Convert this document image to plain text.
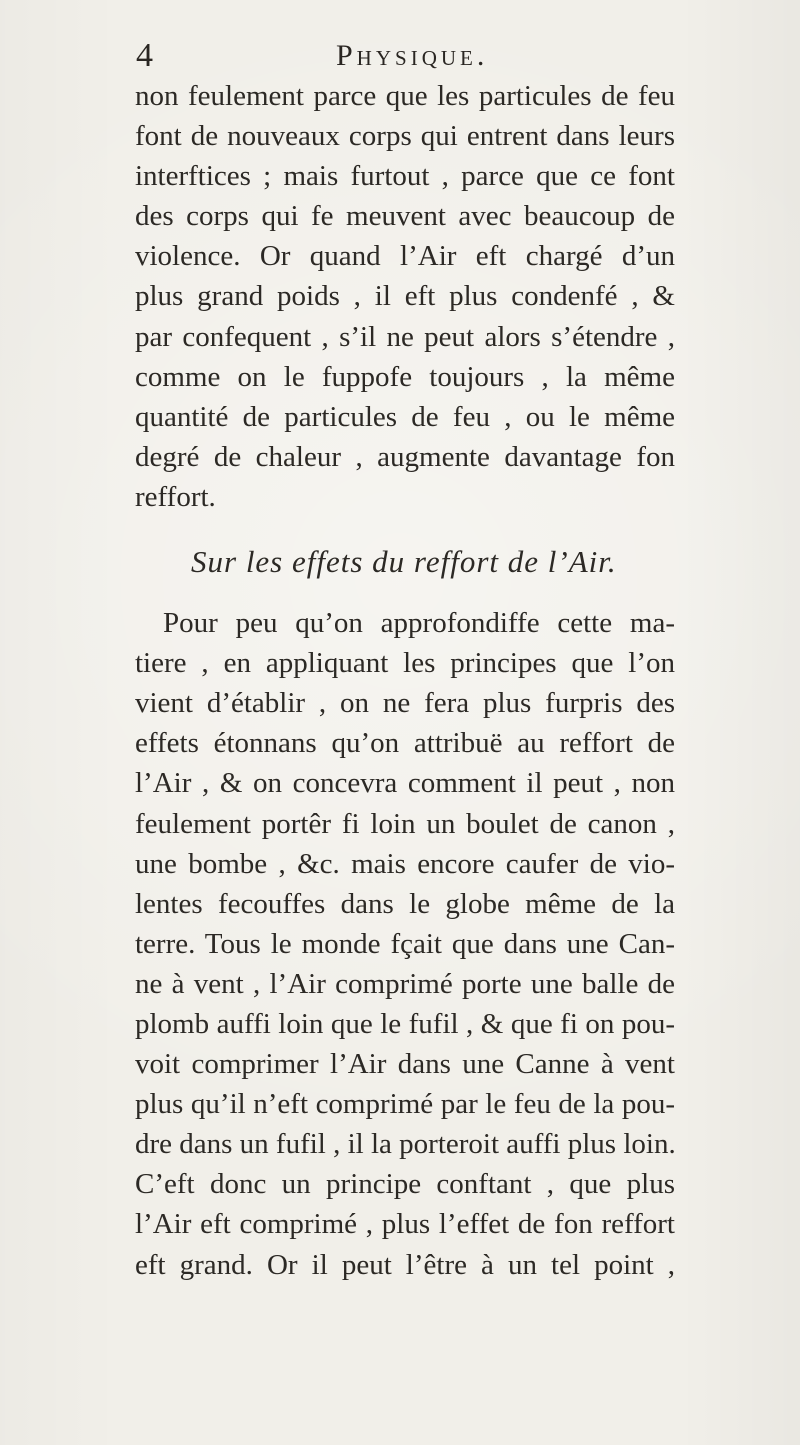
4	Physique.
non feulement parce que les particules de feu
font de nouveaux corps qui entrent dans leurs
interftices ; mais furtout , parce que ce font
des corps qui fe meuvent avec beaucoup de
violence. Or quand l’Air eft chargé d’un
plus grand poids , il eft plus condenfé , &
par confequent , s’il ne peut alors s’étendre ,
comme on le fuppofe toujours , la même
quantité de particules de feu , ou le même
degré de chaleur , augmente davantage fon
reffort.
Sur les effets du reffort de l’Air.
Pour peu qu’on approfondiffe cette ma-
tiere , en appliquant les principes que l’on
vient d’établir , on ne fera plus furpris des
effets étonnans qu’on attribuë au reffort de
l’Air , & on concevra comment il peut , non
feulement portêr fi loin un boulet de canon ,
une bombe , &c. mais encore caufer de vio-
lentes fecouffes dans le globe même de la
terre. Tous le monde fçait que dans une Can-
ne à vent , l’Air comprimé porte une balle de
plomb auffi loin que le fufil , & que fi on pou-
voit comprimer l’Air dans une Canne à vent
plus qu’il n’eft comprimé par le feu de la pou-
dre dans un fufil , il la porteroit auffi plus loin.
C’eft donc un principe conftant , que plus
l’Air eft comprimé , plus l’effet de fon reffort
eft grand. Or il peut l’être à un tel point ,
